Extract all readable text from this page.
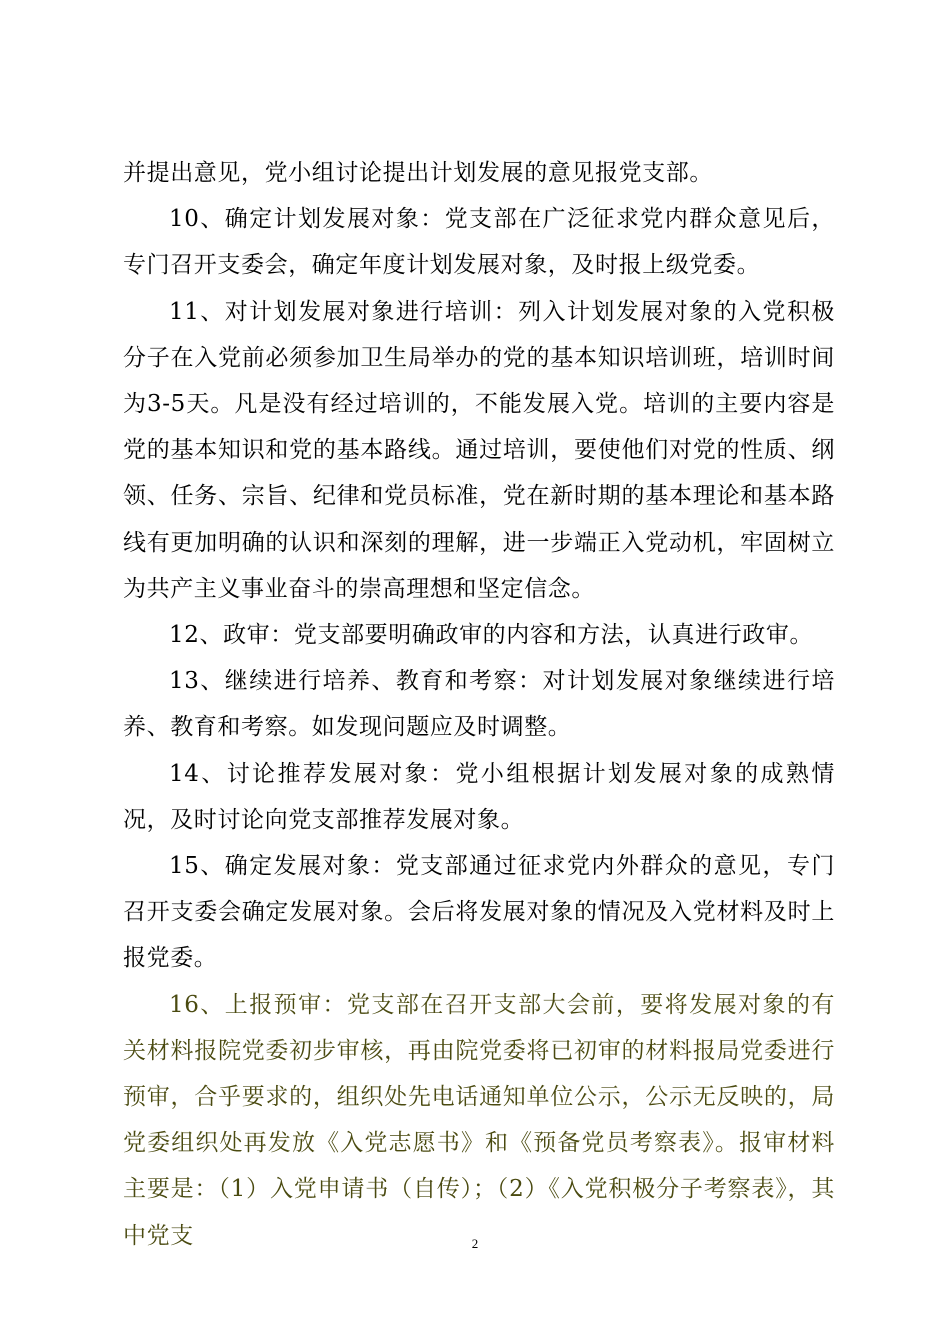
并提出意见，党小组讨论提出计划发展的意见报党支部。

10、确定计划发展对象：党支部在广泛征求党内群众意见后，专门召开支委会，确定年度计划发展对象，及时报上级党委。

11、对计划发展对象进行培训：列入计划发展对象的入党积极分子在入党前必须参加卫生局举办的党的基本知识培训班，培训时间为3-5天。凡是没有经过培训的，不能发展入党。培训的主要内容是党的基本知识和党的基本路线。通过培训，要使他们对党的性质、纲领、任务、宗旨、纪律和党员标准，党在新时期的基本理论和基本路线有更加明确的认识和深刻的理解，进一步端正入党动机，牢固树立为共产主义事业奋斗的崇高理想和坚定信念。

12、政审：党支部要明确政审的内容和方法，认真进行政审。

13、继续进行培养、教育和考察：对计划发展对象继续进行培养、教育和考察。如发现问题应及时调整。

14、讨论推荐发展对象：党小组根据计划发展对象的成熟情况，及时讨论向党支部推荐发展对象。

15、确定发展对象：党支部通过征求党内外群众的意见，专门召开支委会确定发展对象。会后将发展对象的情况及入党材料及时上报党委。

16、上报预审：党支部在召开支部大会前，要将发展对象的有关材料报院党委初步审核，再由院党委将已初审的材料报局党委进行预审，合乎要求的，组织处先电话通知单位公示，公示无反映的，局党委组织处再发放《入党志愿书》和《预备党员考察表》。报审材料主要是：（1）入党申请书（自传）；（2）《入党积极分子考察表》，其中党支	2
